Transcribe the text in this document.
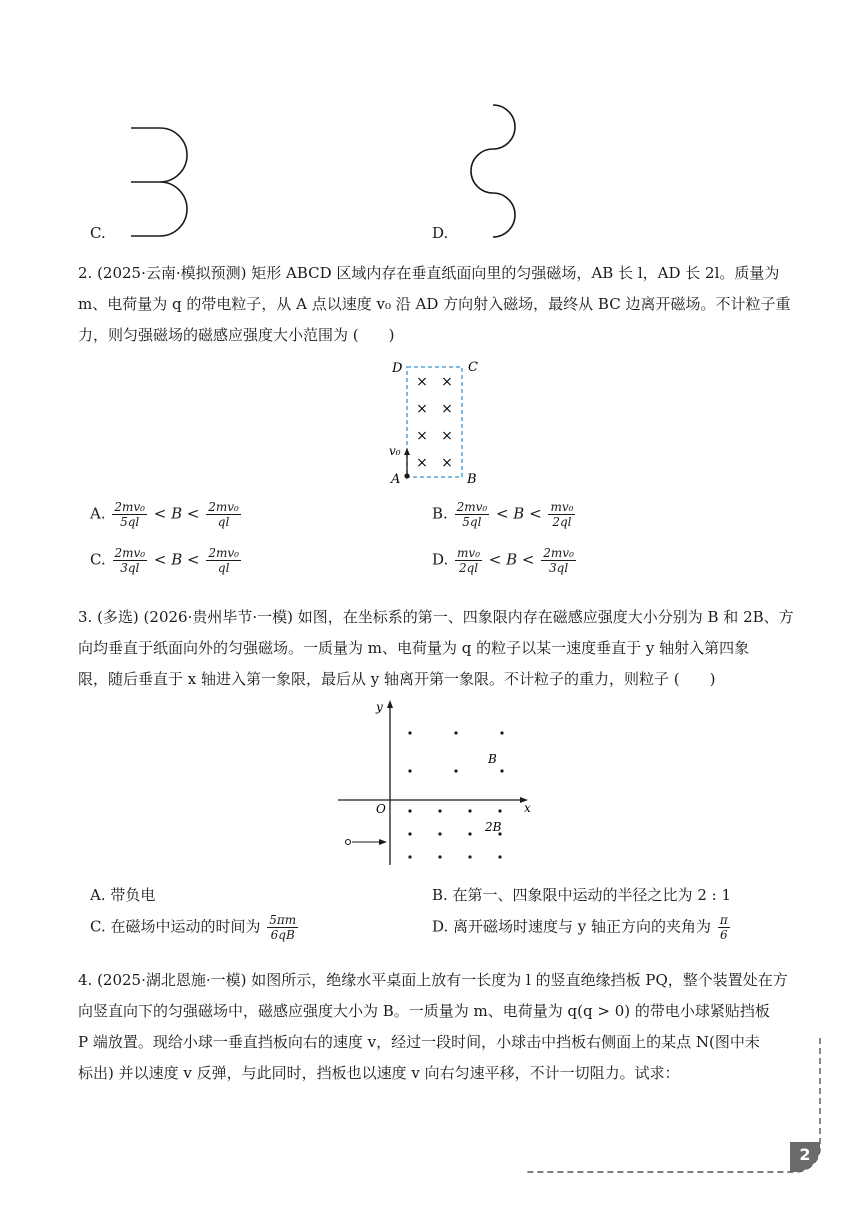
C.	D.
2. (2025·云南·模拟预测) 矩形 ABCD 区域内存在垂直纸面向里的匀强磁场，AB 长 l，AD 长 2l。质量为
m、电荷量为 q 的带电粒子，从 A 点以速度 v₀ 沿 AD 方向射入磁场，最终从 BC 边离开磁场。不计粒子重
力，则匀强磁场的磁感应强度大小范围为 (　　)
D	C
A	B
v₀
× ×
× ×
× ×
× ×
A. $\frac{\text{2mv₀}}{5ql} < B < \frac{\text{2mv₀}}{ql}$	B. $\frac{\text{2mv₀}}{5ql} < B < \frac{\text{mv₀}}{2ql}$
C. $\frac{\text{2mv₀}}{3ql} < B < \frac{\text{2mv₀}}{ql}$	D. $\frac{\text{mv₀}}{2ql} < B < \frac{\text{2mv₀}}{3ql}$
3. (多选) (2026·贵州毕节·一模) 如图，在坐标系的第一、四象限内存在磁感应强度大小分别为 B 和 2B、方
向均垂直于纸面向外的匀强磁场。一质量为 m、电荷量为 q 的粒子以某一速度垂直于 y 轴射入第四象
限，随后垂直于 x 轴进入第一象限，最后从 y 轴离开第一象限。不计粒子的重力，则粒子 (　　)
y
x
O
B
2B
A. 带负电	B. 在第一、四象限中运动的半径之比为 2 : 1
C. 在磁场中运动的时间为 $\frac{5\pi m}{6qB}$	D. 离开磁场时速度与 y 轴正方向的夹角为 $\frac{\pi}{6}$
4. (2025·湖北恩施·一模) 如图所示，绝缘水平桌面上放有一长度为 l 的竖直绝缘挡板 PQ，整个装置处在方
向竖直向下的匀强磁场中，磁感应强度大小为 B。一质量为 m、电荷量为 q(q > 0) 的带电小球紧贴挡板
P 端放置。现给小球一垂直挡板向右的速度 v，经过一段时间，小球击中挡板右侧面上的某点 N(图中未
标出) 并以速度 v 反弹，与此同时，挡板也以速度 v 向右匀速平移，不计一切阻力。试求：
2
